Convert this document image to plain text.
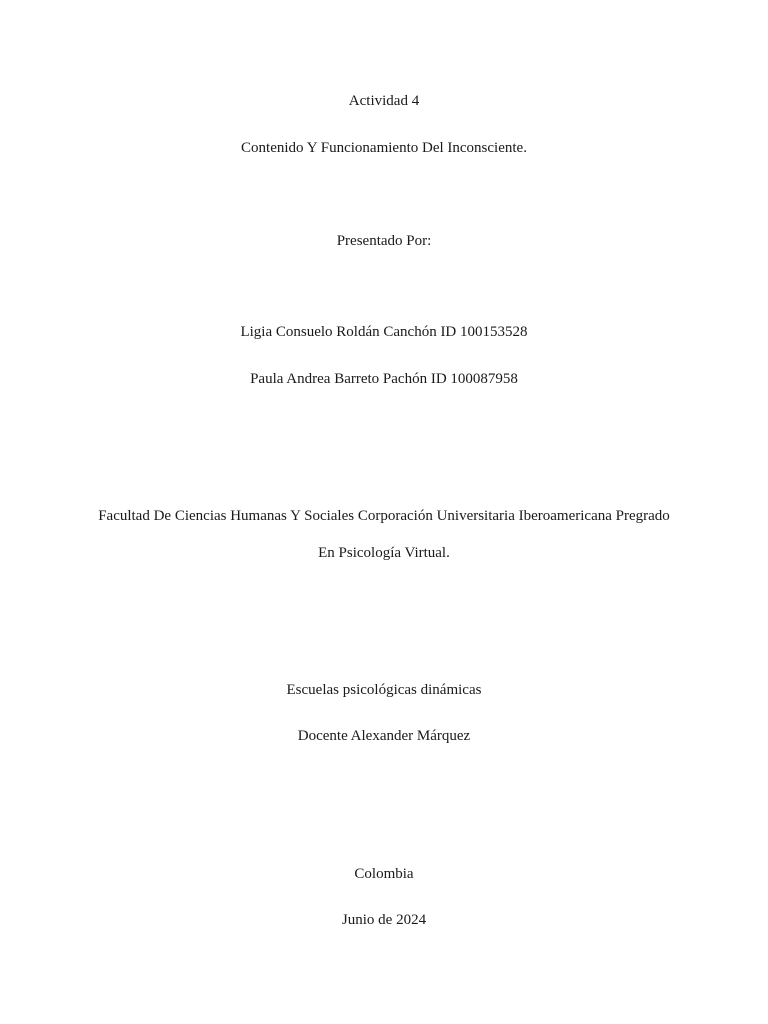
Actividad 4
Contenido Y Funcionamiento Del Inconsciente.
Presentado Por:
Ligia Consuelo Roldán Canchón ID 100153528
Paula Andrea Barreto Pachón ID 100087958
Facultad De Ciencias Humanas Y Sociales Corporación Universitaria Iberoamericana Pregrado
En Psicología Virtual.
Escuelas psicológicas dinámicas
Docente Alexander Márquez
Colombia
Junio de 2024
